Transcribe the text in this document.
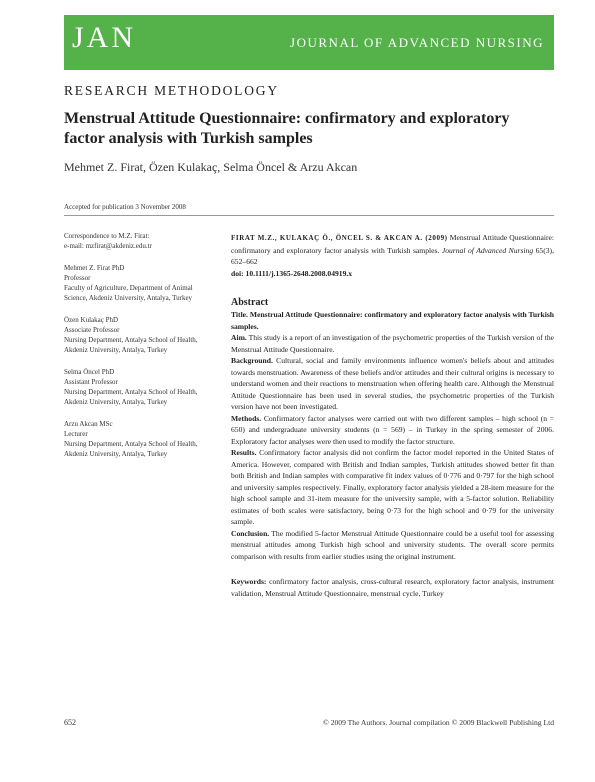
JAN	JOURNAL OF ADVANCED NURSING
RESEARCH METHODOLOGY
Menstrual Attitude Questionnaire: confirmatory and exploratory factor analysis with Turkish samples
Mehmet Z. Firat, Özen Kulakaç, Selma Öncel & Arzu Akcan
Accepted for publication 3 November 2008
Correspondence to M.Z. Firat:
e-mail: mzfirat@akdeniz.edu.tr
Mehmet Z. Firat PhD
Professor
Faculty of Agriculture, Department of Animal Science, Akdeniz University, Antalya, Turkey
Özen Kulakaç PhD
Associate Professor
Nursing Department, Antalya School of Health, Akdeniz University, Antalya, Turkey
Selma Öncel PhD
Assistant Professor
Nursing Department, Antalya School of Health, Akdeniz University, Antalya, Turkey
Arzu Akcan MSc
Lecturer
Nursing Department, Antalya School of Health, Akdeniz University, Antalya, Turkey
FIRAT M.Z., KULAKAÇ Ö., ÖNCEL S. & AKCAN A. (2009) Menstrual Attitude Questionnaire: confirmatory and exploratory factor analysis with Turkish samples. Journal of Advanced Nursing 65(3), 652–662
doi: 10.1111/j.1365-2648.2008.04919.x
Abstract

Title. Menstrual Attitude Questionnaire: confirmatory and exploratory factor analysis with Turkish samples.

Aim. This study is a report of an investigation of the psychometric properties of the Turkish version of the Menstrual Attitude Questionnaire.

Background. Cultural, social and family environments influence women's beliefs about and attitudes towards menstruation. Awareness of these beliefs and/or attitudes and their cultural origins is necessary to understand women and their reactions to menstruation when offering health care. Although the Menstrual Attitude Questionnaire has been used in several studies, the psychometric properties of the Turkish version have not been investigated.

Methods. Confirmatory factor analyses were carried out with two different samples – high school (n = 650) and undergraduate university students (n = 569) – in Turkey in the spring semester of 2006. Exploratory factor analyses were then used to modify the factor structure.

Results. Confirmatory factor analysis did not confirm the factor model reported in the United States of America. However, compared with British and Indian samples, Turkish attitudes showed better fit than both British and Indian samples with comparative fit index values of 0·776 and 0·797 for the high school and university samples respectively. Finally, exploratory factor analysis yielded a 28-item measure for the high school sample and 31-item measure for the university sample, with a 5-factor solution. Reliability estimates of both scales were satisfactory, being 0·73 for the high school and 0·79 for the university sample.

Conclusion. The modified 5-factor Menstrual Attitude Questionnaire could be a useful tool for assessing menstrual attitudes among Turkish high school and university students. The overall score permits comparison with results from earlier studies using the original instrument.

Keywords: confirmatory factor analysis, cross-cultural research, exploratory factor analysis, instrument validation, Menstrual Attitude Questionnaire, menstrual cycle, Turkey
652	© 2009 The Authors. Journal compilation © 2009 Blackwell Publishing Ltd
